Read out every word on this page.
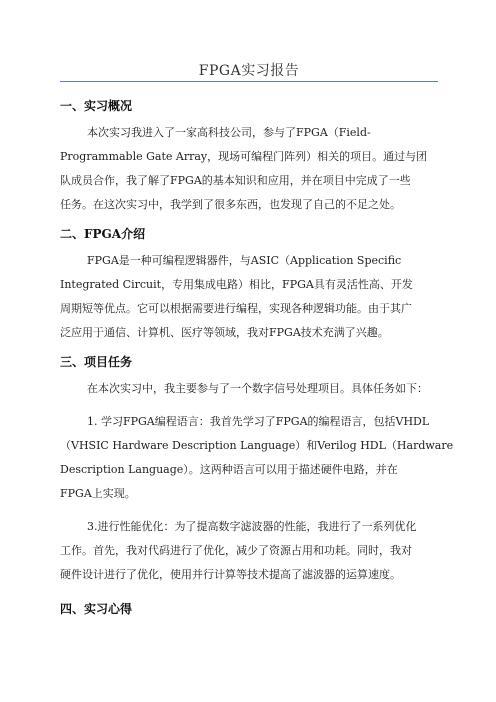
FPGA实习报告
一、实习概况
本次实习我进入了一家高科技公司，参与了FPGA（Field-
Programmable Gate Array，现场可编程门阵列）相关的项目。通过与团
队成员合作，我了解了FPGA的基本知识和应用，并在项目中完成了一些
任务。在这次实习中，我学到了很多东西，也发现了自己的不足之处。
二、FPGA介绍
FPGA是一种可编程逻辑器件，与ASIC（Application Specific
Integrated Circuit，专用集成电路）相比，FPGA具有灵活性高、开发
周期短等优点。它可以根据需要进行编程，实现各种逻辑功能。由于其广
泛应用于通信、计算机、医疗等领域，我对FPGA技术充满了兴趣。
三、项目任务
在本次实习中，我主要参与了一个数字信号处理项目。具体任务如下：
1. 学习FPGA编程语言：我首先学习了FPGA的编程语言，包括VHDL
（VHSIC Hardware Description Language）和Verilog HDL（Hardware
Description Language）。这两种语言可以用于描述硬件电路，并在
FPGA上实现。
3.进行性能优化：为了提高数字滤波器的性能，我进行了一系列优化
工作。首先，我对代码进行了优化，减少了资源占用和功耗。同时，我对
硬件设计进行了优化，使用并行计算等技术提高了滤波器的运算速度。
四、实习心得
